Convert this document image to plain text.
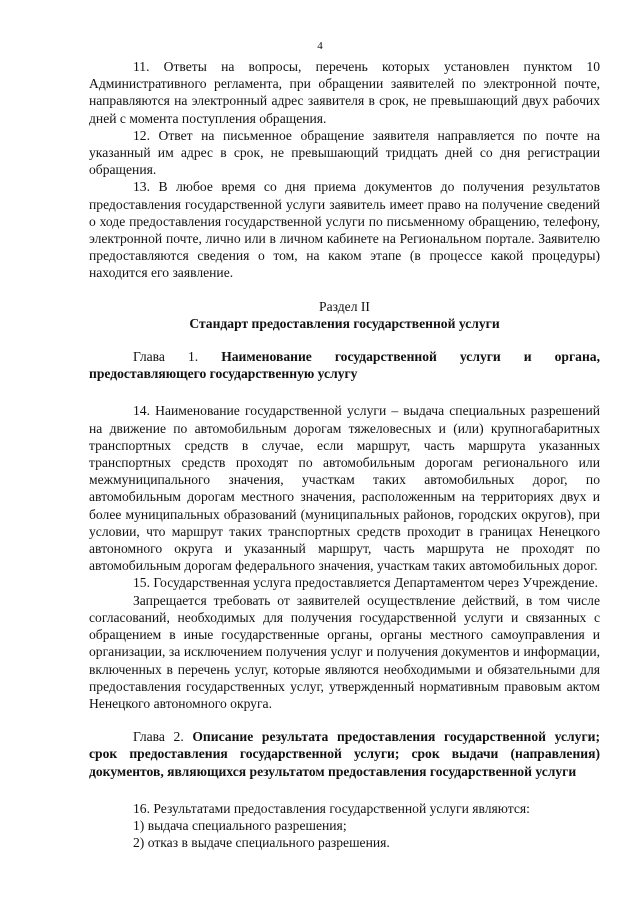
4

11. Ответы на вопросы, перечень которых установлен пунктом 10 Административного регламента, при обращении заявителей по электронной почте, направляются на электронный адрес заявителя в срок, не превышающий двух рабочих дней с момента поступления обращения.

12. Ответ на письменное обращение заявителя направляется по почте на указанный им адрес в срок, не превышающий тридцать дней со дня регистрации обращения.

13. В любое время со дня приема документов до получения результатов предоставления государственной услуги заявитель имеет право на получение сведений о ходе предоставления государственной услуги по письменному обращению, телефону, электронной почте, лично или в личном кабинете на Региональном портале. Заявителю предоставляются сведения о том, на каком этапе (в процессе какой процедуры) находится его заявление.

Раздел II

Стандарт предоставления государственной услуги

Глава 1. Наименование государственной услуги и органа, предоставляющего государственную услугу

14. Наименование государственной услуги – выдача специальных разрешений на движение по автомобильным дорогам тяжеловесных и (или) крупногабаритных транспортных средств в случае, если маршрут, часть маршрута указанных транспортных средств проходят по автомобильным дорогам регионального или межмуниципального значения, участкам таких автомобильных дорог, по автомобильным дорогам местного значения, расположенным на территориях двух и более муниципальных образований (муниципальных районов, городских округов), при условии, что маршрут таких транспортных средств проходит в границах Ненецкого автономного округа и указанный маршрут, часть маршрута не проходят по автомобильным дорогам федерального значения, участкам таких автомобильных дорог.

15. Государственная услуга предоставляется Департаментом через Учреждение.

Запрещается требовать от заявителей осуществление действий, в том числе согласований, необходимых для получения государственной услуги и связанных с обращением в иные государственные органы, органы местного самоуправления и организации, за исключением получения услуг и получения документов и информации, включенных в перечень услуг, которые являются необходимыми и обязательными для предоставления государственных услуг, утвержденный нормативным правовым актом Ненецкого автономного округа.

Глава 2. Описание результата предоставления государственной услуги; срок предоставления государственной услуги; срок выдачи (направления) документов, являющихся результатом предоставления государственной услуги

16. Результатами предоставления государственной услуги являются:

1) выдача специального разрешения;

2) отказ в выдаче специального разрешения.
